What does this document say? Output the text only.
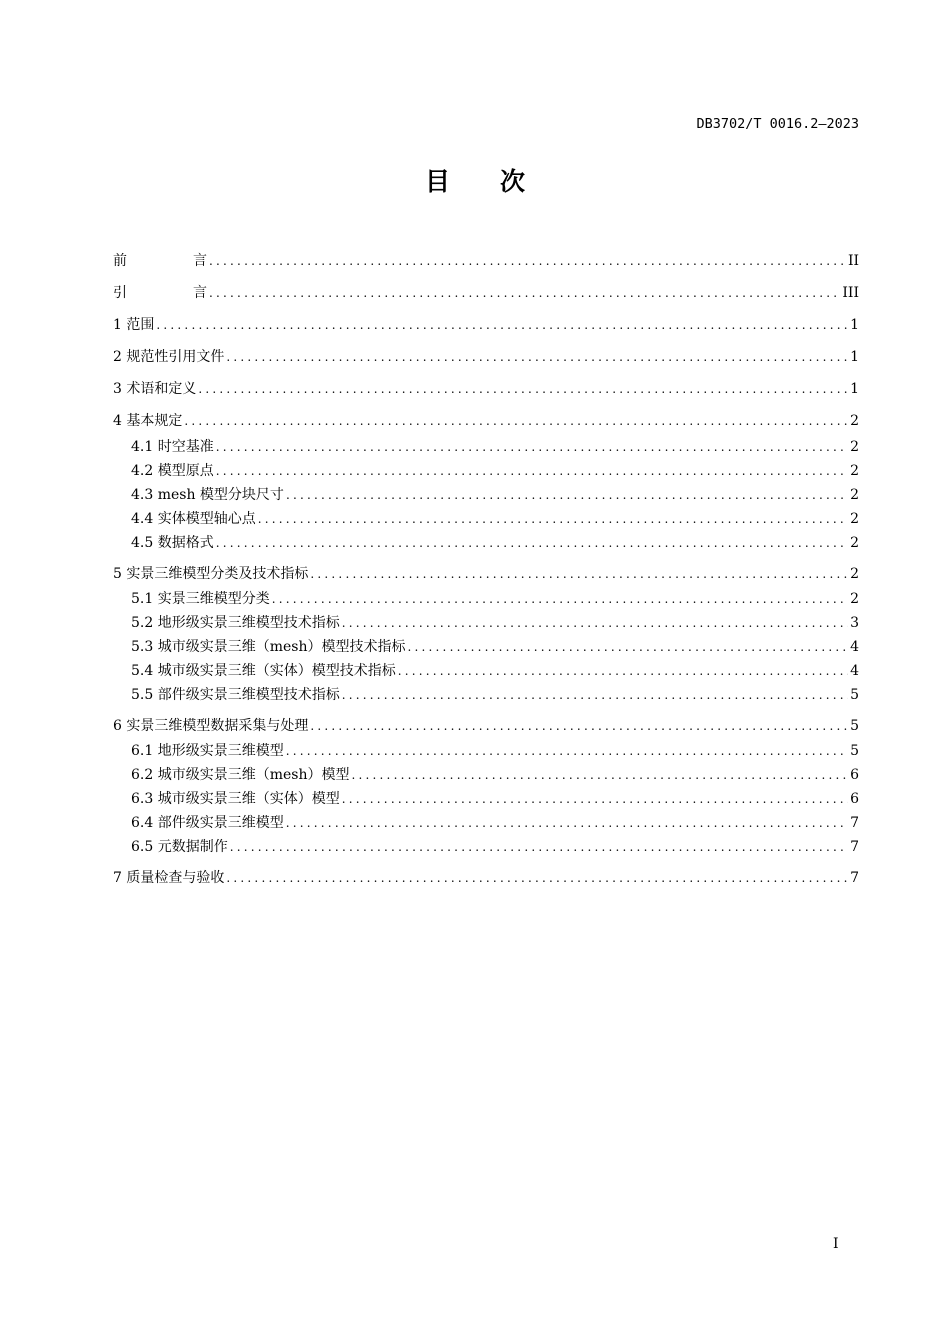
DB3702/T 0016.2—2023
目 次
前	言 .....	II
引	言 .....	III
1 范围 .....	1
2 规范性引用文件 .....	1
3 术语和定义 .....	1
4 基本规定 .....	2
4.1 时空基准 .....	2
4.2 模型原点 .....	2
4.3 mesh 模型分块尺寸 .....	2
4.4 实体模型轴心点 .....	2
4.5 数据格式 .....	2
5 实景三维模型分类及技术指标 .....	2
5.1 实景三维模型分类 .....	2
5.2 地形级实景三维模型技术指标 .....	3
5.3 城市级实景三维（mesh）模型技术指标 .....	4
5.4 城市级实景三维（实体）模型技术指标 .....	4
5.5 部件级实景三维模型技术指标 .....	5
6 实景三维模型数据采集与处理 .....	5
6.1 地形级实景三维模型 .....	5
6.2 城市级实景三维（mesh）模型 .....	6
6.3 城市级实景三维（实体）模型 .....	6
6.4 部件级实景三维模型 .....	7
6.5 元数据制作 .....	7
7 质量检查与验收 .....	7
I
